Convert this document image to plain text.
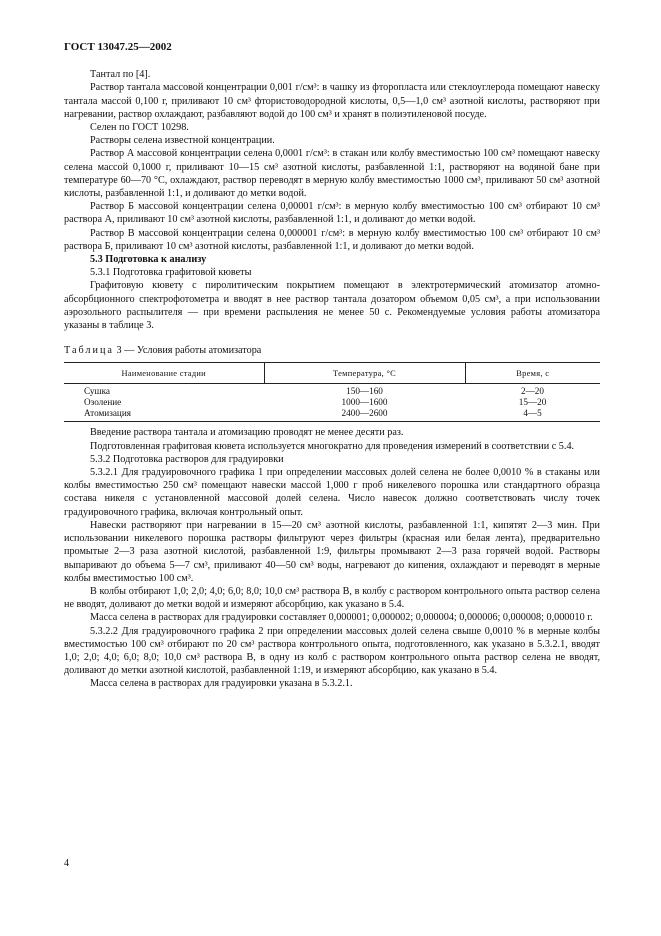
ГОСТ 13047.25—2002

Тантал по [4].

Раствор тантала массовой концентрации 0,001 г/см³: в чашку из фторопласта или стеклоуглерода помещают навеску тантала массой 0,100 г, приливают 10 см³ фтористоводородной кислоты, 0,5—1,0 см³ азотной кислоты, растворяют при нагревании, раствор охлаждают, разбавляют водой до 100 см³ и хранят в полиэтиленовой посуде.

Селен по ГОСТ 10298.

Растворы селена известной концентрации.

Раствор А массовой концентрации селена 0,0001 г/см³: в стакан или колбу вместимостью 100 см³ помещают навеску селена массой 0,1000 г, приливают 10—15 см³ азотной кислоты, разбавленной 1:1, растворяют на водяной бане при температуре 60—70 °С, охлаждают, раствор переводят в мерную колбу вместимостью 1000 см³, приливают 50 см³ азотной кислоты, разбавленной 1:1, и доливают до метки водой.

Раствор Б массовой концентрации селена 0,00001 г/см³: в мерную колбу вместимостью 100 см³ отбирают 10 см³ раствора А, приливают 10 см³ азотной кислоты, разбавленной 1:1, и доливают до метки водой.

Раствор В массовой концентрации селена 0,000001 г/см³: в мерную колбу вместимостью 100 см³ отбирают 10 см³ раствора Б, приливают 10 см³ азотной кислоты, разбавленной 1:1, и доливают до метки водой.

5.3 Подготовка к анализу

5.3.1 Подготовка графитовой кюветы

Графитовую кювету с пиролитическим покрытием помещают в электротермический атомизатор атомно-абсорбционного спектрофотометра и вводят в нее раствор тантала дозатором объемом 0,05 см³, а при использовании аэрозольного распылителя — при времени распыления не менее 50 с. Рекомендуемые условия работы атомизатора указаны в таблице 3.

Таблица 3 — Условия работы атомизатора

Наименование стадии	Температура, °С	Время, с
Сушка	150—160	2—20
Озоление	1000—1600	15—20
Атомизация	2400—2600	4—5

Введение раствора тантала и атомизацию проводят не менее десяти раз.

Подготовленная графитовая кювета используется многократно для проведения измерений в соответствии с 5.4.

5.3.2 Подготовка растворов для градуировки

5.3.2.1 Для градуировочного графика 1 при определении массовых долей селена не более 0,0010 % в стаканы или колбы вместимостью 250 см³ помещают навески массой 1,000 г проб никелевого порошка или стандартного образца состава никеля с установленной массовой долей селена. Число навесок должно соответствовать числу точек градуировочного графика, включая контрольный опыт.

Навески растворяют при нагревании в 15—20 см³ азотной кислоты, разбавленной 1:1, кипятят 2—3 мин. При использовании никелевого порошка растворы фильтруют через фильтры (красная или белая лента), предварительно промытые 2—3 раза азотной кислотой, разбавленной 1:9, фильтры промывают 2—3 раза горячей водой. Растворы выпаривают до объема 5—7 см³, приливают 40—50 см³ воды, нагревают до кипения, охлаждают и переводят в мерные колбы вместимостью 100 см³.

В колбы отбирают 1,0; 2,0; 4,0; 6,0; 8,0; 10,0 см³ раствора В, в колбу с раствором контрольного опыта раствор селена не вводят, доливают до метки водой и измеряют абсорбцию, как указано в 5.4.

Масса селена в растворах для градуировки составляет 0,000001; 0,000002; 0,000004; 0,000006; 0,000008; 0,000010 г.

5.3.2.2 Для градуировочного графика 2 при определении массовых долей селена свыше 0,0010 % в мерные колбы вместимостью 100 см³ отбирают по 20 см³ раствора контрольного опыта, подготовленного, как указано в 5.3.2.1, вводят 1,0; 2,0; 4,0; 6,0; 8,0; 10,0 см³ раствора В, в одну из колб с раствором контрольного опыта раствор селена не вводят, доливают до метки азотной кислотой, разбавленной 1:19, и измеряют абсорбцию, как указано в 5.4.

Масса селена в растворах для градуировки указана в 5.3.2.1.

4
